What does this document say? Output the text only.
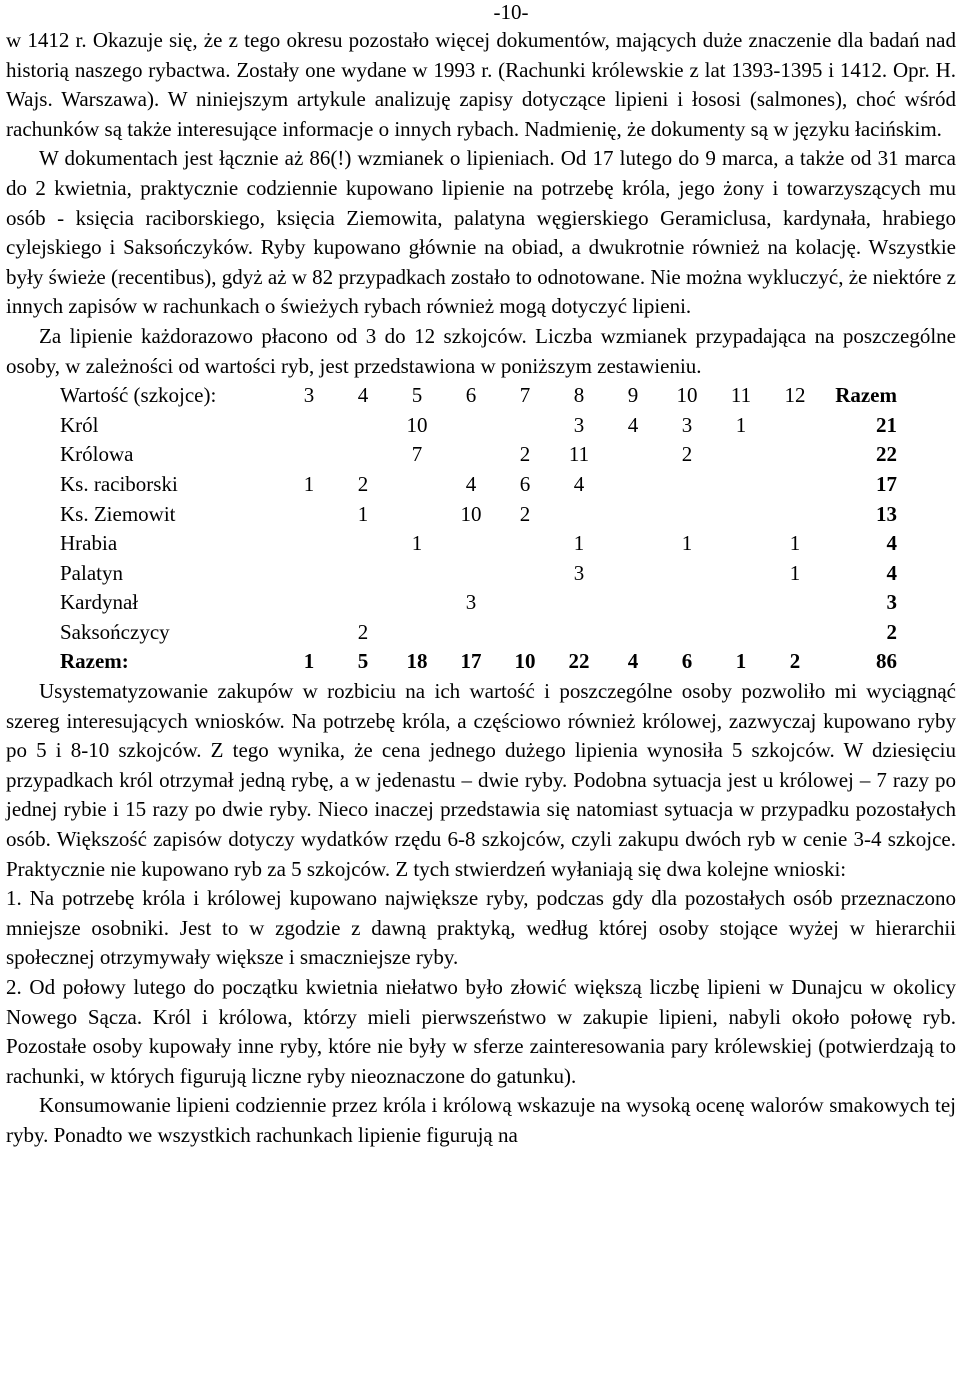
-10-

w 1412 r. Okazuje się, że z tego okresu pozostało więcej dokumentów, mających duże znaczenie dla badań nad historią naszego rybactwa. Zostały one wydane w 1993 r. (Rachunki królewskie z lat 1393-1395 i 1412. Opr. H. Wajs. Warszawa). W niniejszym artykule analizuję zapisy dotyczące lipieni i łososi (salmones), choć wśród rachunków są także interesujące informacje o innych rybach. Nadmienię, że dokumenty są w języku łacińskim.

W dokumentach jest łącznie aż 86(!) wzmianek o lipieniach. Od 17 lutego do 9 marca, a także od 31 marca do 2 kwietnia, praktycznie codziennie kupowano lipienie na potrzebę króla, jego żony i towarzyszących mu osób - księcia raciborskiego, księcia Ziemowita, palatyna węgierskiego Geramiclusa, kardynała, hrabiego cylejskiego i Saksończyków. Ryby kupowano głównie na obiad, a dwukrotnie również na kolację. Wszystkie były świeże (recentibus), gdyż aż w 82 przypadkach zostało to odnotowane. Nie można wykluczyć, że niektóre z innych zapisów w rachunkach o świeżych rybach również mogą dotyczyć lipieni.

Za lipienie każdorazowo płacono od 3 do 12 szkojców. Liczba wzmianek przypadająca na poszczególne osoby, w zależności od wartości ryb, jest przedstawiona w poniższym zestawieniu.

Wartość (szkojce):	3	4	5	6	7	8	9	10	11	12	Razem
Król			10			3	4	3	1		21
Królowa			7		2	11		2			22
Ks. raciborski	1	2		4	6	4					17
Ks. Ziemowit		1		10	2						13
Hrabia			1			1		1		1	4
Palatyn						3				1	4
Kardynał				3							3
Saksończycy		2									2
Razem:	1	5	18	17	10	22	4	6	1	2	86

Usystematyzowanie zakupów w rozbiciu na ich wartość i poszczególne osoby pozwoliło mi wyciągnąć szereg interesujących wniosków. Na potrzebę króla, a częściowo również królowej, zazwyczaj kupowano ryby po 5 i 8-10 szkojców. Z tego wynika, że cena jednego dużego lipienia wynosiła 5 szkojców. W dziesięciu przypadkach król otrzymał jedną rybę, a w jedenastu – dwie ryby. Podobna sytuacja jest u królowej – 7 razy po jednej rybie i 15 razy po dwie ryby. Nieco inaczej przedstawia się natomiast sytuacja w przypadku pozostałych osób. Większość zapisów dotyczy wydatków rzędu 6-8 szkojców, czyli zakupu dwóch ryb w cenie 3-4 szkojce. Praktycznie nie kupowano ryb za 5 szkojców. Z tych stwierdzeń wyłaniają się dwa kolejne wnioski:

1. Na potrzebę króla i królowej kupowano największe ryby, podczas gdy dla pozostałych osób przeznaczono mniejsze osobniki. Jest to w zgodzie z dawną praktyką, według której osoby stojące wyżej w hierarchii społecznej otrzymywały większe i smaczniejsze ryby.

2. Od połowy lutego do początku kwietnia niełatwo było złowić większą liczbę lipieni w Dunajcu w okolicy Nowego Sącza. Król i królowa, którzy mieli pierwszeństwo w zakupie lipieni, nabyli około połowę ryb. Pozostałe osoby kupowały inne ryby, które nie były w sferze zainteresowania pary królewskiej (potwierdzają to rachunki, w których figurują liczne ryby nieoznaczone do gatunku).

Konsumowanie lipieni codziennie przez króla i królową wskazuje na wysoką ocenę walorów smakowych tej ryby. Ponadto we wszystkich rachunkach lipienie figurują na
